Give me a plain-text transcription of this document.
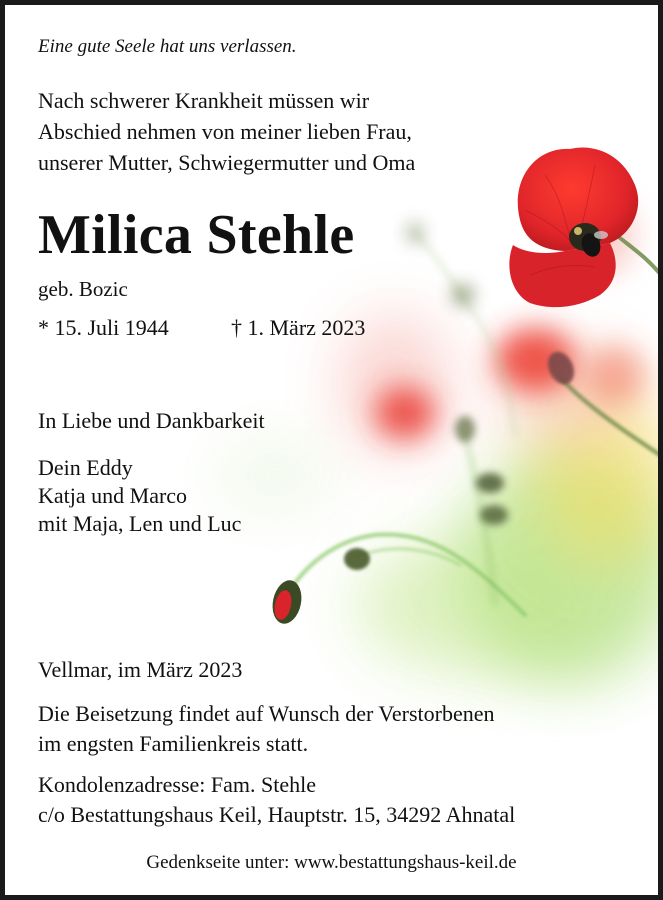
Eine gute Seele hat uns verlassen.

Nach schwerer Krankheit müssen wir
Abschied nehmen von meiner lieben Frau,
unserer Mutter, Schwiegermutter und Oma

Milica Stehle

geb. Bozic

* 15. Juli 1944	† 1. März 2023

In Liebe und Dankbarkeit

Dein Eddy
Katja und Marco
mit Maja, Len und Luc

Vellmar, im März 2023

Die Beisetzung findet auf Wunsch der Verstorbenen
im engsten Familienkreis statt.

Kondolenzadresse: Fam. Stehle
c/o Bestattungshaus Keil, Hauptstr. 15, 34292 Ahnatal

Gedenkseite unter: www.bestattungshaus-keil.de
